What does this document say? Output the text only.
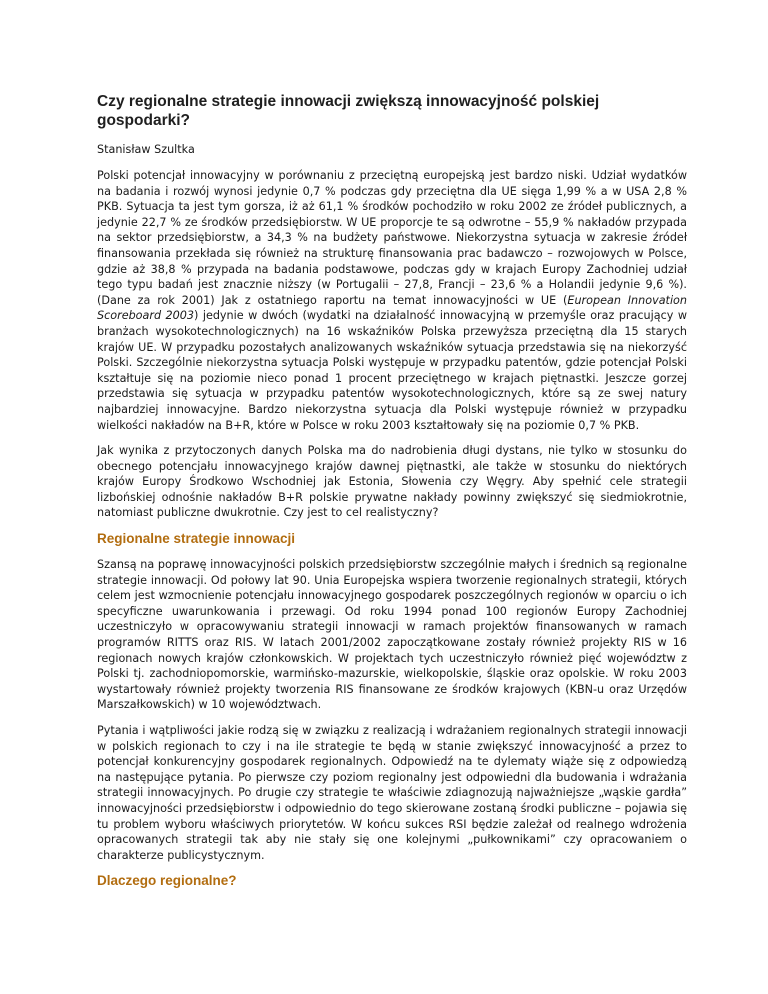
Czy regionalne strategie innowacji zwiększą innowacyjność polskiej gospodarki?
Stanisław Szultka

Polski potencjał innowacyjny w porównaniu z przeciętną europejską jest bardzo niski. Udział wydatków na badania i rozwój wynosi jedynie 0,7 % podczas gdy przeciętna dla UE sięga 1,99 % a w USA 2,8 % PKB. Sytuacja ta jest tym gorsza, iż aż 61,1 % środków pochodziło w roku 2002 ze źródeł publicznych, a jedynie 22,7 % ze środków przedsiębiorstw. W UE proporcje te są odwrotne – 55,9 % nakładów przypada na sektor przedsiębiorstw, a 34,3 % na budżety państwowe. Niekorzystna sytuacja w zakresie źródeł finansowania przekłada się również na strukturę finansowania prac badawczo – rozwojowych w Polsce, gdzie aż 38,8 % przypada na badania podstawowe, podczas gdy w krajach Europy Zachodniej udział tego typu badań jest znacznie niższy (w Portugalii – 27,8, Francji – 23,6 % a Holandii jedynie 9,6 %). (Dane za rok 2001) Jak z ostatniego raportu na temat innowacyjności w UE (European Innovation Scoreboard 2003) jedynie w dwóch (wydatki na działalność innowacyjną w przemyśle oraz pracujący w branżach wysokotechnologicznych) na 16 wskaźników Polska przewyższa przeciętną dla 15 starych krajów UE. W przypadku pozostałych analizowanych wskaźników sytuacja przedstawia się na niekorzyść Polski. Szczególnie niekorzystna sytuacja Polski występuje w przypadku patentów, gdzie potencjał Polski kształtuje się na poziomie nieco ponad 1 procent przeciętnego w krajach piętnastki. Jeszcze gorzej przedstawia się sytuacja w przypadku patentów wysokotechnologicznych, które są ze swej natury najbardziej innowacyjne. Bardzo niekorzystna sytuacja dla Polski występuje również w przypadku wielkości nakładów na B+R, które w Polsce w roku 2003 kształtowały się na poziomie 0,7 % PKB.

Jak wynika z przytoczonych danych Polska ma do nadrobienia długi dystans, nie tylko w stosunku do obecnego potencjału innowacyjnego krajów dawnej piętnastki, ale także w stosunku do niektórych krajów Europy Środkowo Wschodniej jak Estonia, Słowenia czy Węgry. Aby spełnić cele strategii lizbońskiej odnośnie nakładów B+R polskie prywatne nakłady powinny zwiększyć się siedmiokrotnie, natomiast publiczne dwukrotnie. Czy jest to cel realistyczny?

Regionalne strategie innowacji

Szansą na poprawę innowacyjności polskich przedsiębiorstw szczególnie małych i średnich są regionalne strategie innowacji. Od połowy lat 90. Unia Europejska wspiera tworzenie regionalnych strategii, których celem jest wzmocnienie potencjału innowacyjnego gospodarek poszczególnych regionów w oparciu o ich specyficzne uwarunkowania i przewagi. Od roku 1994 ponad 100 regionów Europy Zachodniej uczestniczyło w opracowywaniu strategii innowacji w ramach projektów finansowanych w ramach programów RITTS oraz RIS. W latach 2001/2002 zapoczątkowane zostały również projekty RIS w 16 regionach nowych krajów członkowskich. W projektach tych uczestniczyło również pięć województw z Polski tj. zachodniopomorskie, warmińsko-mazurskie, wielkopolskie, śląskie oraz opolskie. W roku 2003 wystartowały również projekty tworzenia RIS finansowane ze środków krajowych (KBN-u oraz Urzędów Marszałkowskich) w 10 województwach.

Pytania i wątpliwości jakie rodzą się w związku z realizacją i wdrażaniem regionalnych strategii innowacji w polskich regionach to czy i na ile strategie te będą w stanie zwiększyć innowacyjność a przez to potencjał konkurencyjny gospodarek regionalnych. Odpowiedź na te dylematy wiąże się z odpowiedzą na następujące pytania. Po pierwsze czy poziom regionalny jest odpowiedni dla budowania i wdrażania strategii innowacyjnych. Po drugie czy strategie te właściwie zdiagnozują najważniejsze „wąskie gardła” innowacyjności przedsiębiorstw i odpowiednio do tego skierowane zostaną środki publiczne – pojawia się tu problem wyboru właściwych priorytetów. W końcu sukces RSI będzie zależał od realnego wdrożenia opracowanych strategii tak aby nie stały się one kolejnymi „pułkownikami” czy opracowaniem o charakterze publicystycznym.

Dlaczego regionalne?
